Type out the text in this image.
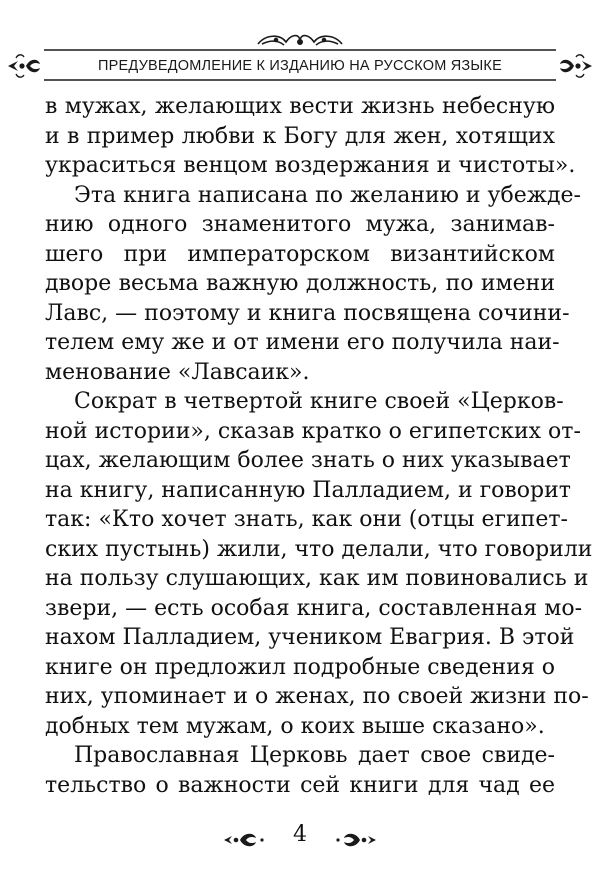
ПРЕДУВЕДОМЛЕНИЕ К ИЗДАНИЮ НА РУССКОМ ЯЗЫКЕ
в мужах, желающих вести жизнь небесную
и в пример любви к Богу для жен, хотящих
украситься венцом воздержания и чистоты».
Эта книга написана по желанию и убежде-
нию одного знаменитого мужа, занимав-
шего при императорском византийском
дворе весьма важную должность, по имени
Лавс, — поэтому и книга посвящена сочини-
телем ему же и от имени его получила наи-
менование «Лавсаик».
Сократ в четвертой книге своей «Церков-
ной истории», сказав кратко о египетских от-
цах, желающим более знать о них указывает
на книгу, написанную Палладием, и говорит
так: «Кто хочет знать, как они (отцы египет-
ских пустынь) жили, что делали, что говорили
на пользу слушающих, как им повиновались и
звери, — есть особая книга, составленная мо-
нахом Палладием, учеником Евагрия. В этой
книге он предложил подробные сведения о
них, упоминает и о женах, по своей жизни по-
добных тем мужам, о коих выше сказано».
Православная Церковь дает свое свиде-
тельство о важности сей книги для чад ее
4
